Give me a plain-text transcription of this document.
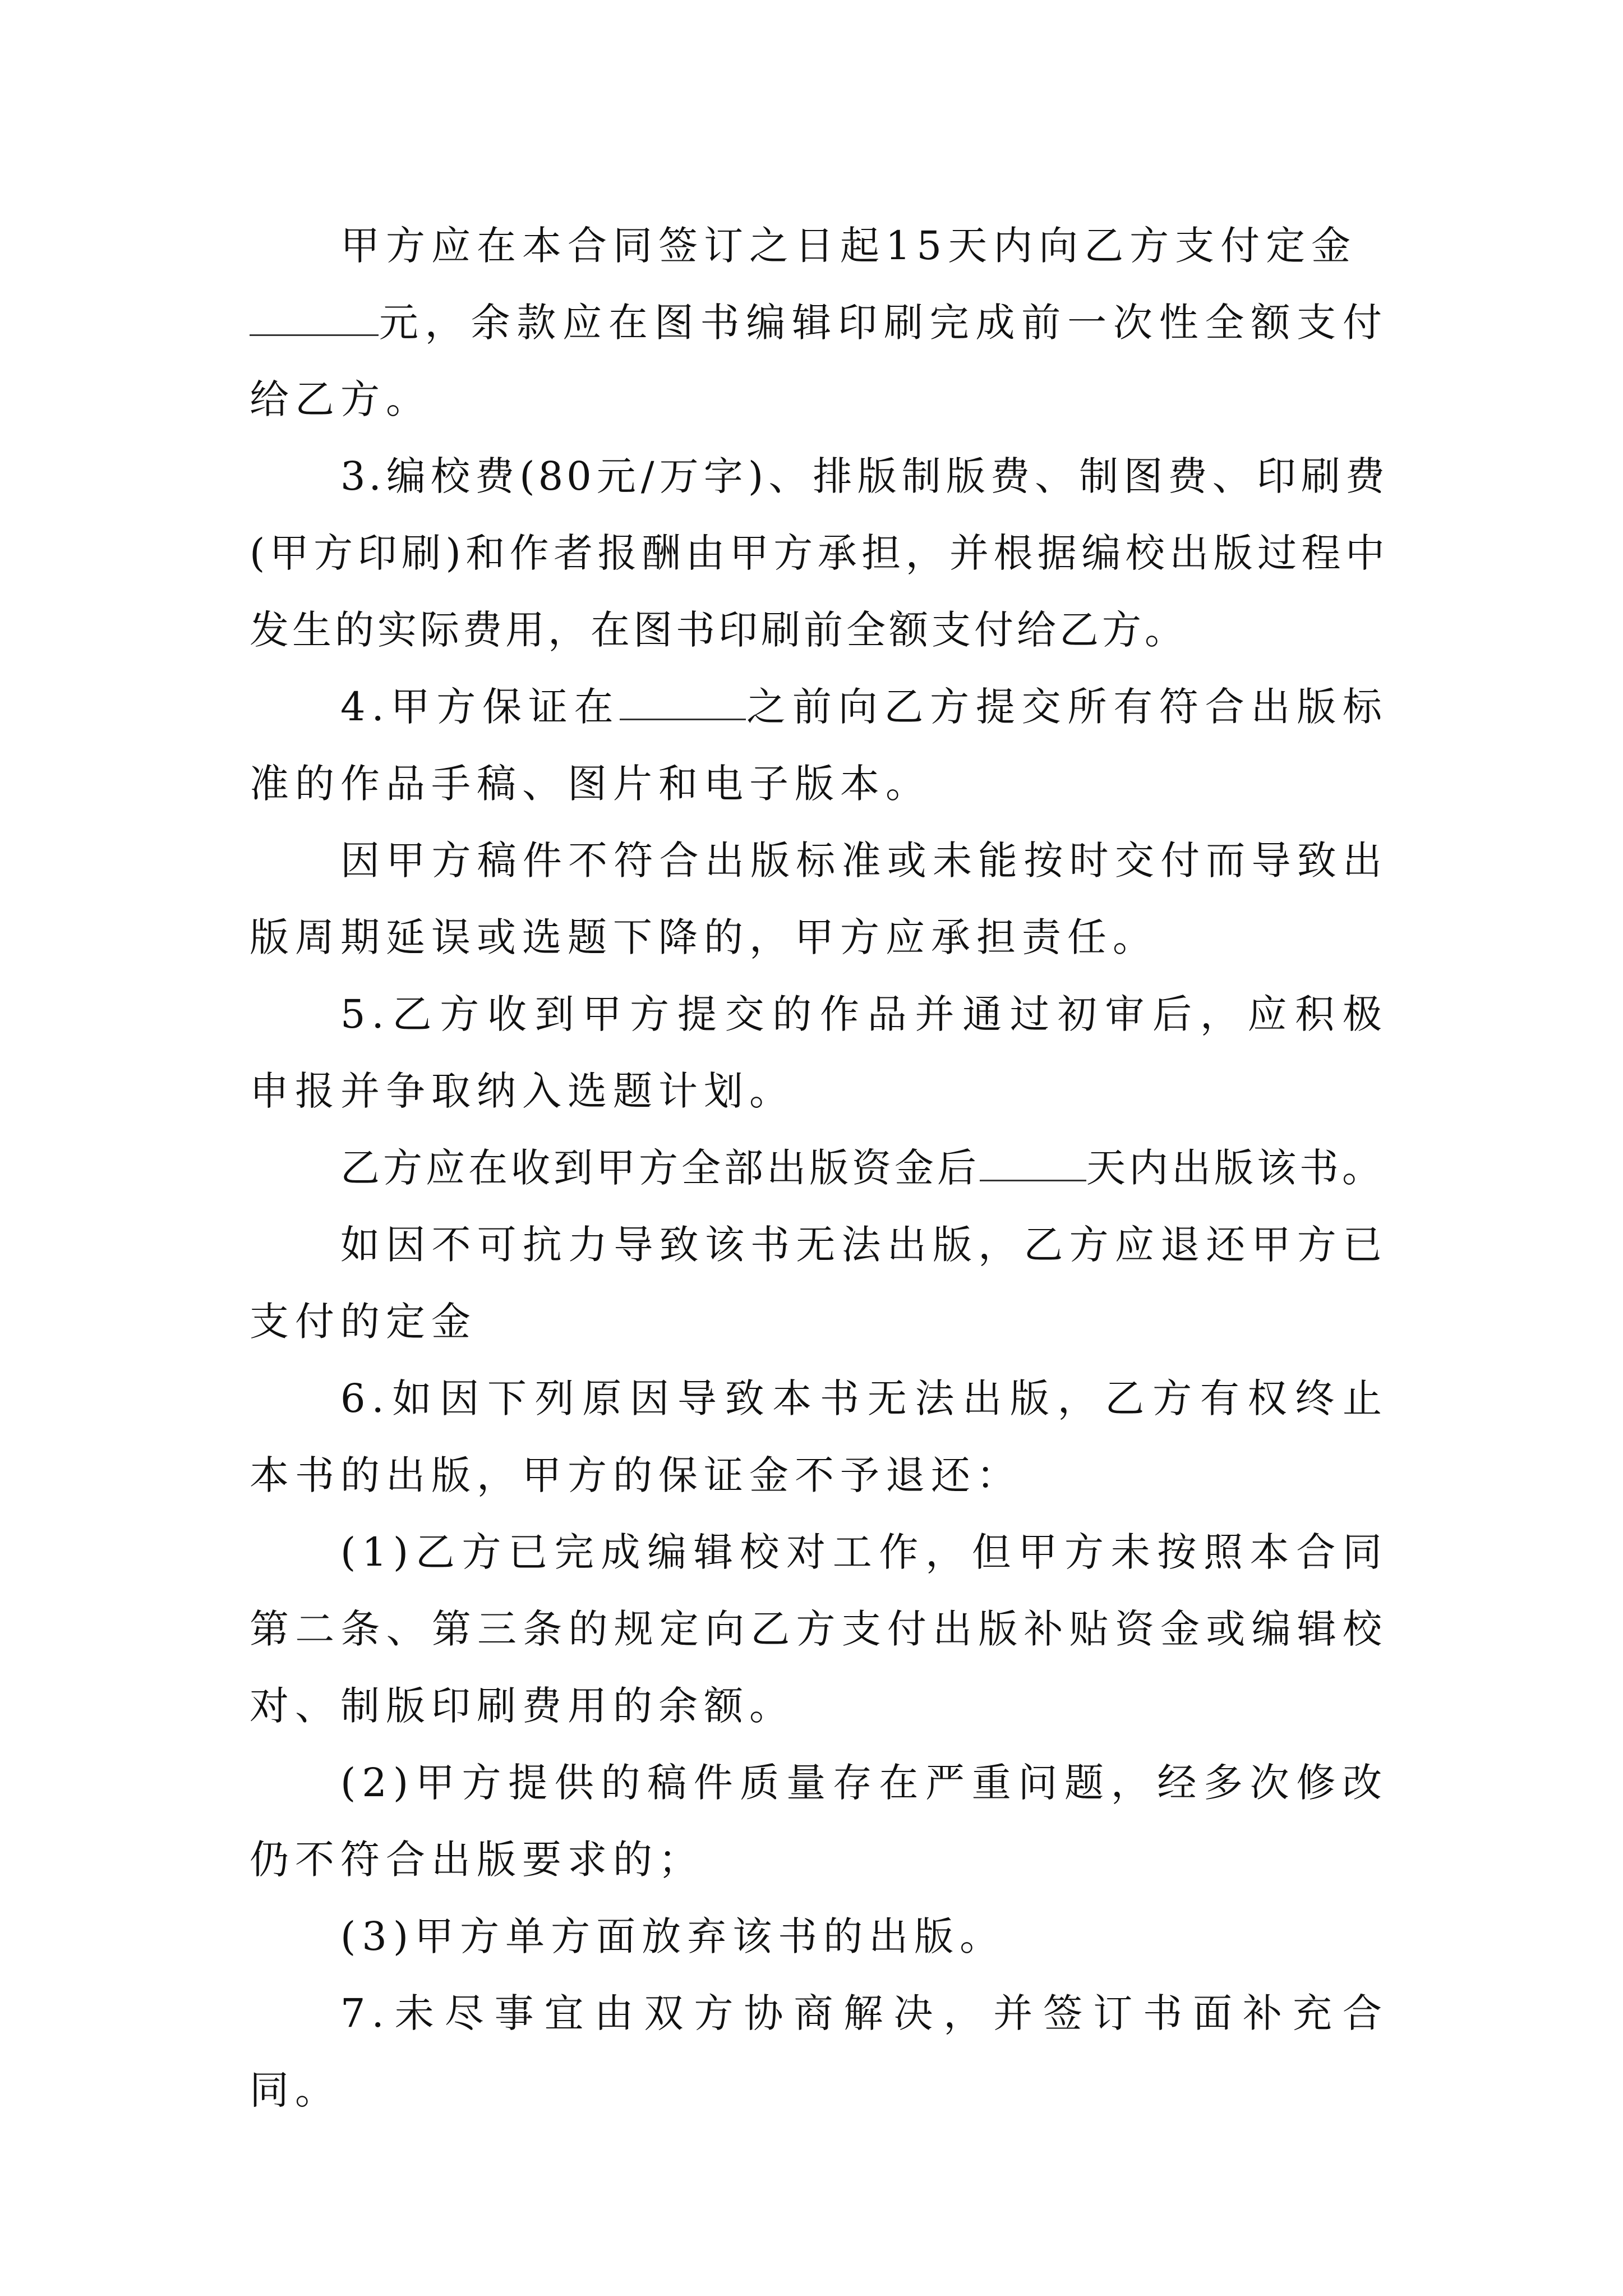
甲方应在本合同签订之日起15天内向乙方支付定金
元，余款应在图书编辑印刷完成前一次性全额支付给乙方。

3.编校费(80元/万字)、排版制版费、制图费、印刷费(甲方印刷)和作者报酬由甲方承担，并根据编校出版过程中发生的实际费用，在图书印刷前全额支付给乙方。

4.甲方保证在	之前向乙方提交所有符合出版标准的作品手稿、图片和电子版本。

因甲方稿件不符合出版标准或未能按时交付而导致出版周期延误或选题下降的，甲方应承担责任。

5.乙方收到甲方提交的作品并通过初审后，应积极申报并争取纳入选题计划。

乙方应在收到甲方全部出版资金后	天内出版该书。

如因不可抗力导致该书无法出版，乙方应退还甲方已支付的定金

6.如因下列原因导致本书无法出版，乙方有权终止本书的出版，甲方的保证金不予退还：

(1)乙方已完成编辑校对工作，但甲方未按照本合同第二条、第三条的规定向乙方支付出版补贴资金或编辑校对、制版印刷费用的余额。

(2)甲方提供的稿件质量存在严重问题，经多次修改仍不符合出版要求的；

(3)甲方单方面放弃该书的出版。

7.未尽事宜由双方协商解决，并签订书面补充合同。
